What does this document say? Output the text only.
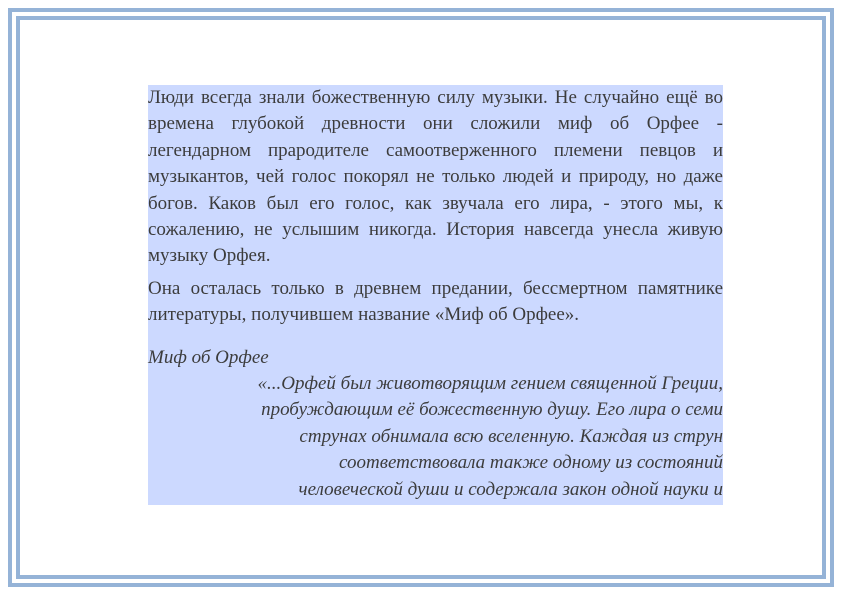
Люди всегда знали божественную силу музыки. Не случайно ещё во времена глубокой древности они сложили миф об Орфее - легендарном прародителе самоотверженного племени певцов и музыкантов, чей голос покорял не только людей и природу, но даже богов. Каков был его голос, как звучала его лира, - этого мы, к сожалению, не услышим никогда. История навсегда унесла живую музыку Орфея.

Она осталась только в древнем предании, бессмертном памятнике литературы, получившем название «Миф об Орфее».

Миф об Орфее

«...Орфей был животворящим гением священной Греции,
пробуждающим её божественную душу. Его лира о семи
струнах обнимала всю вселенную. Каждая из струн
соответствовала также одному из состояний
человеческой души и содержала закон одной науки и
